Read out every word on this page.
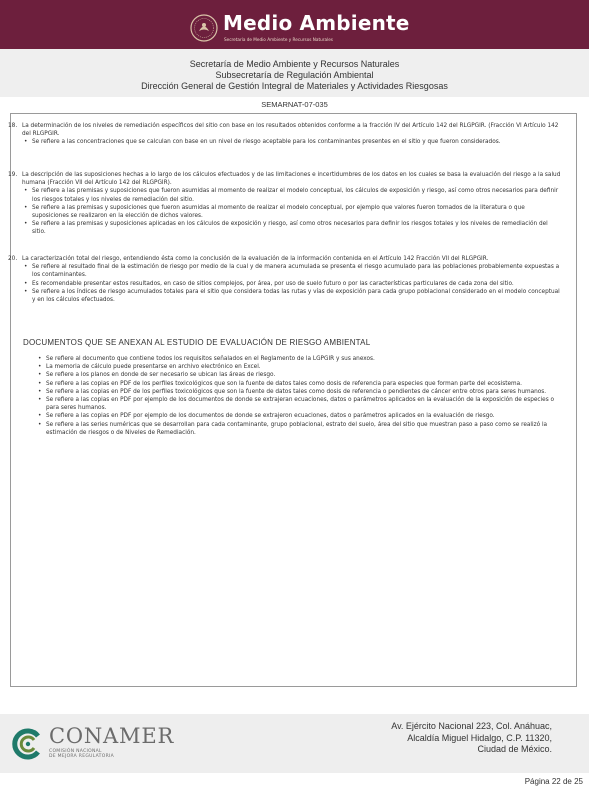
Medio Ambiente
Secretaría de Medio Ambiente y Recursos Naturales
Secretaría de Medio Ambiente y Recursos Naturales
Subsecretaría de Regulación Ambiental
Dirección General de Gestión Integral de Materiales y Actividades Riesgosas
SEMARNAT-07-035
18. La determinación de los niveles de remediación específicos del sitio con base en los resultados obtenidos conforme a la fracción IV del Artículo 142 del RLGPGIR. (Fracción VI Artículo 142 del RLGPGIR.
• Se refiere a las concentraciones que se calculan con base en un nivel de riesgo aceptable para los contaminantes presentes en el sitio y que fueron considerados.
19. La descripción de las suposiciones hechas a lo largo de los cálculos efectuados y de las limitaciones e incertidumbres de los datos en los cuales se basa la evaluación del riesgo a la salud humana (Fracción VII del Artículo 142 del RLGPGIR).
• Se refiere a las premisas y suposiciones que fueron asumidas al momento de realizar el modelo conceptual, los cálculos de exposición y riesgo, así como otros necesarios para definir los riesgos totales y los niveles de remediación del sitio.
• Se refiere a las premisas y suposiciones que fueron asumidas al momento de realizar el modelo conceptual, por ejemplo que valores fueron tomados de la literatura o que suposiciones se realizaron en la elección de dichos valores.
• Se refiere a las premisas y suposiciones aplicadas en los cálculos de exposición y riesgo, así como otros necesarios para definir los riesgos totales y los niveles de remediación del sitio.
20. La caracterización total del riesgo, entendiendo ésta como la conclusión de la evaluación de la información contenida en el Artículo 142 Fracción VII del RLGPGIR.
• Se refiere al resultado final de la estimación de riesgo por medio de la cual y de manera acumulada se presenta el riesgo acumulado para las poblaciones probablemente expuestas a los contaminantes.
• Es recomendable presentar estos resultados, en caso de sitios complejos, por área, por uso de suelo futuro o por las características particulares de cada zona del sitio.
• Se refiere a los índices de riesgo acumulados totales para el sitio que considera todas las rutas y vías de exposición para cada grupo poblacional considerado en el modelo conceptual y en los cálculos efectuados.
DOCUMENTOS QUE SE ANEXAN AL ESTUDIO DE EVALUACIÓN DE RIESGO AMBIENTAL
• Se refiere al documento que contiene todos los requisitos señalados en el Reglamento de la LGPGIR y sus anexos.
• La memoria de cálculo puede presentarse en archivo electrónico en Excel.
• Se refiere a los planos en donde de ser necesario se ubican las áreas de riesgo.
• Se refiere a las copias en PDF de los perfiles toxicológicos que son la fuente de datos tales como dosis de referencia para especies que forman parte del ecosistema.
• Se refiere a las copias en PDF de los perfiles toxicológicos que son la fuente de datos tales como dosis de referencia o pendientes de cáncer entre otros para seres humanos.
• Se refiere a las copias en PDF por ejemplo de los documentos de donde se extrajeran ecuaciones, datos o parámetros aplicados en la evaluación de la exposición de especies o para seres humanos.
• Se refiere a las copias en PDF por ejemplo de los documentos de donde se extrajeron ecuaciones, datos o parámetros aplicados en la evaluación de riesgo.
• Se refiere a las series numéricas que se desarrollan para cada contaminante, grupo poblacional, estrato del suelo, área del sitio que muestran paso a paso como se realizó la estimación de riesgos o de Niveles de Remediación.
CONAMER
COMISIÓN NACIONAL
DE MEJORA REGULATORIA
Av. Ejército Nacional 223, Col. Anáhuac,
Alcaldía Miguel Hidalgo, C.P. 11320,
Ciudad de México.
Página 22 de 25
